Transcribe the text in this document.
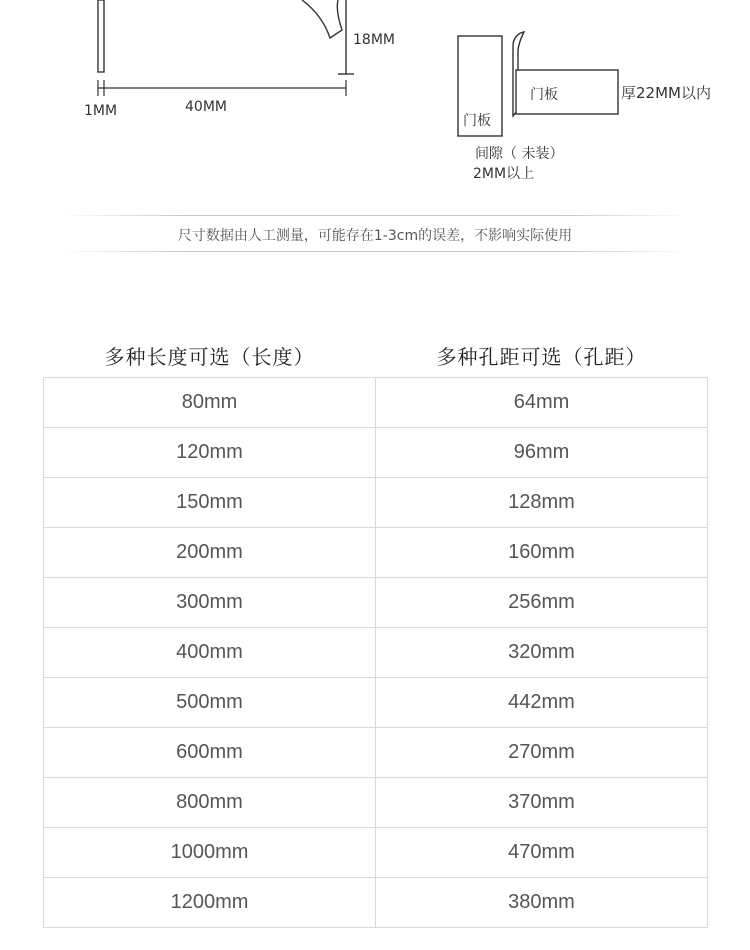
18MM
1MM	40MM
门板
门板	厚22MM以内
间隙（ 未装）
2MM以上
尺寸数据由人工测量，可能存在1-3cm的误差，不影响实际使用
多种长度可选（长度）	多种孔距可选（孔距）
80mm	64mm
120mm	96mm
150mm	128mm
200mm	160mm
300mm	256mm
400mm	320mm
500mm	442mm
600mm	270mm
800mm	370mm
1000mm	470mm
1200mm	380mm
